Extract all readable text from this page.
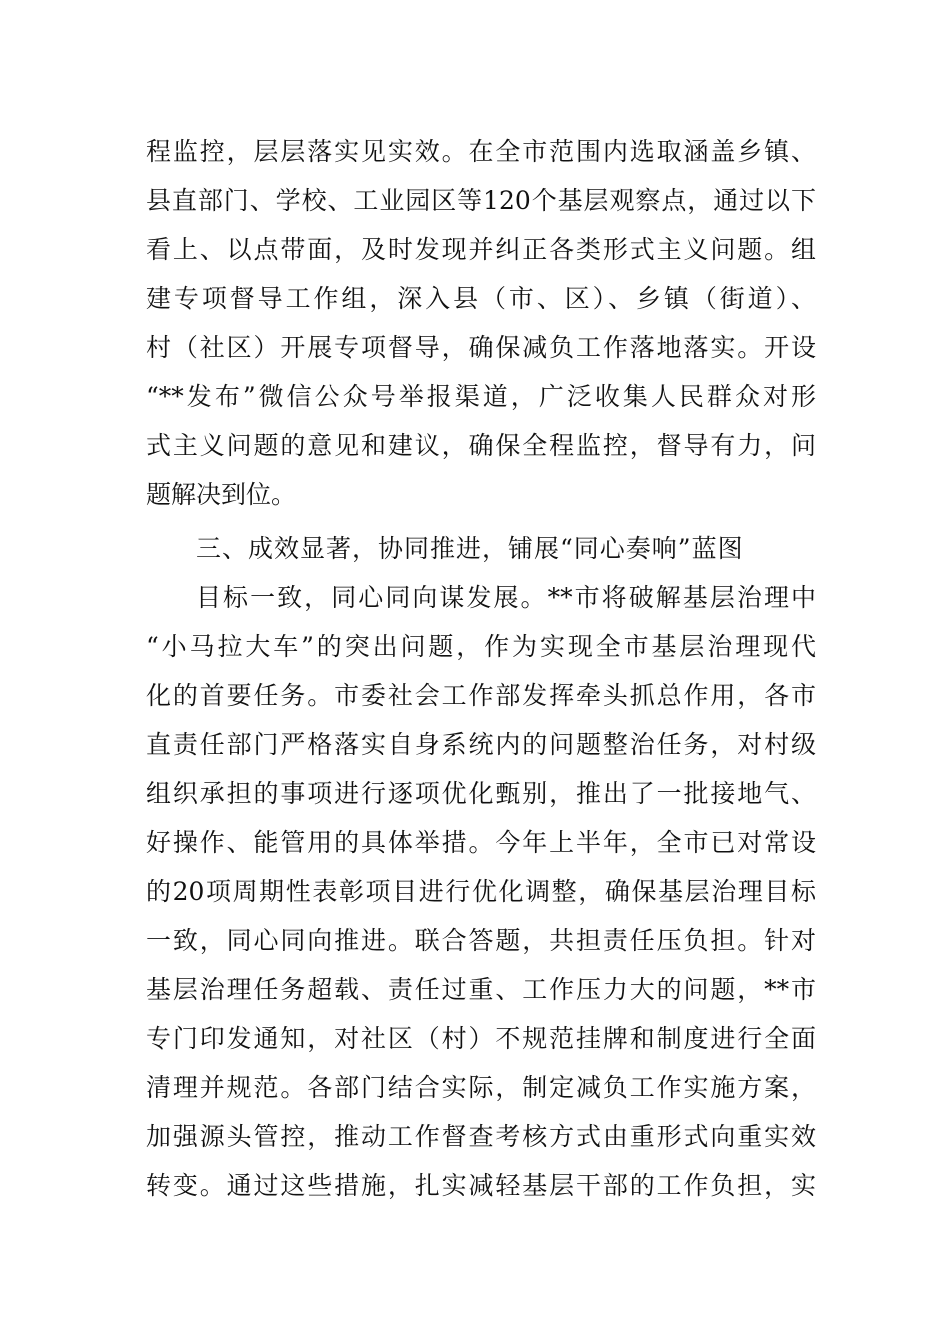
程监控，层层落实见实效。在全市范围内选取涵盖乡镇、
县直部门、学校、工业园区等120个基层观察点，通过以下
看上、以点带面，及时发现并纠正各类形式主义问题。组
建专项督导工作组，深入县（市、区）、乡镇（街道）、
村（社区）开展专项督导，确保减负工作落地落实。开设
“**发布”微信公众号举报渠道，广泛收集人民群众对形
式主义问题的意见和建议，确保全程监控，督导有力，问
题解决到位。
三、成效显著，协同推进，铺展“同心奏响”蓝图
目标一致，同心同向谋发展。**市将破解基层治理中
“小马拉大车”的突出问题，作为实现全市基层治理现代
化的首要任务。市委社会工作部发挥牵头抓总作用，各市
直责任部门严格落实自身系统内的问题整治任务，对村级
组织承担的事项进行逐项优化甄别，推出了一批接地气、
好操作、能管用的具体举措。今年上半年，全市已对常设
的20项周期性表彰项目进行优化调整，确保基层治理目标
一致，同心同向推进。联合答题，共担责任压负担。针对
基层治理任务超载、责任过重、工作压力大的问题，**市
专门印发通知，对社区（村）不规范挂牌和制度进行全面
清理并规范。各部门结合实际，制定减负工作实施方案，
加强源头管控，推动工作督查考核方式由重形式向重实效
转变。通过这些措施，扎实减轻基层干部的工作负担，实
